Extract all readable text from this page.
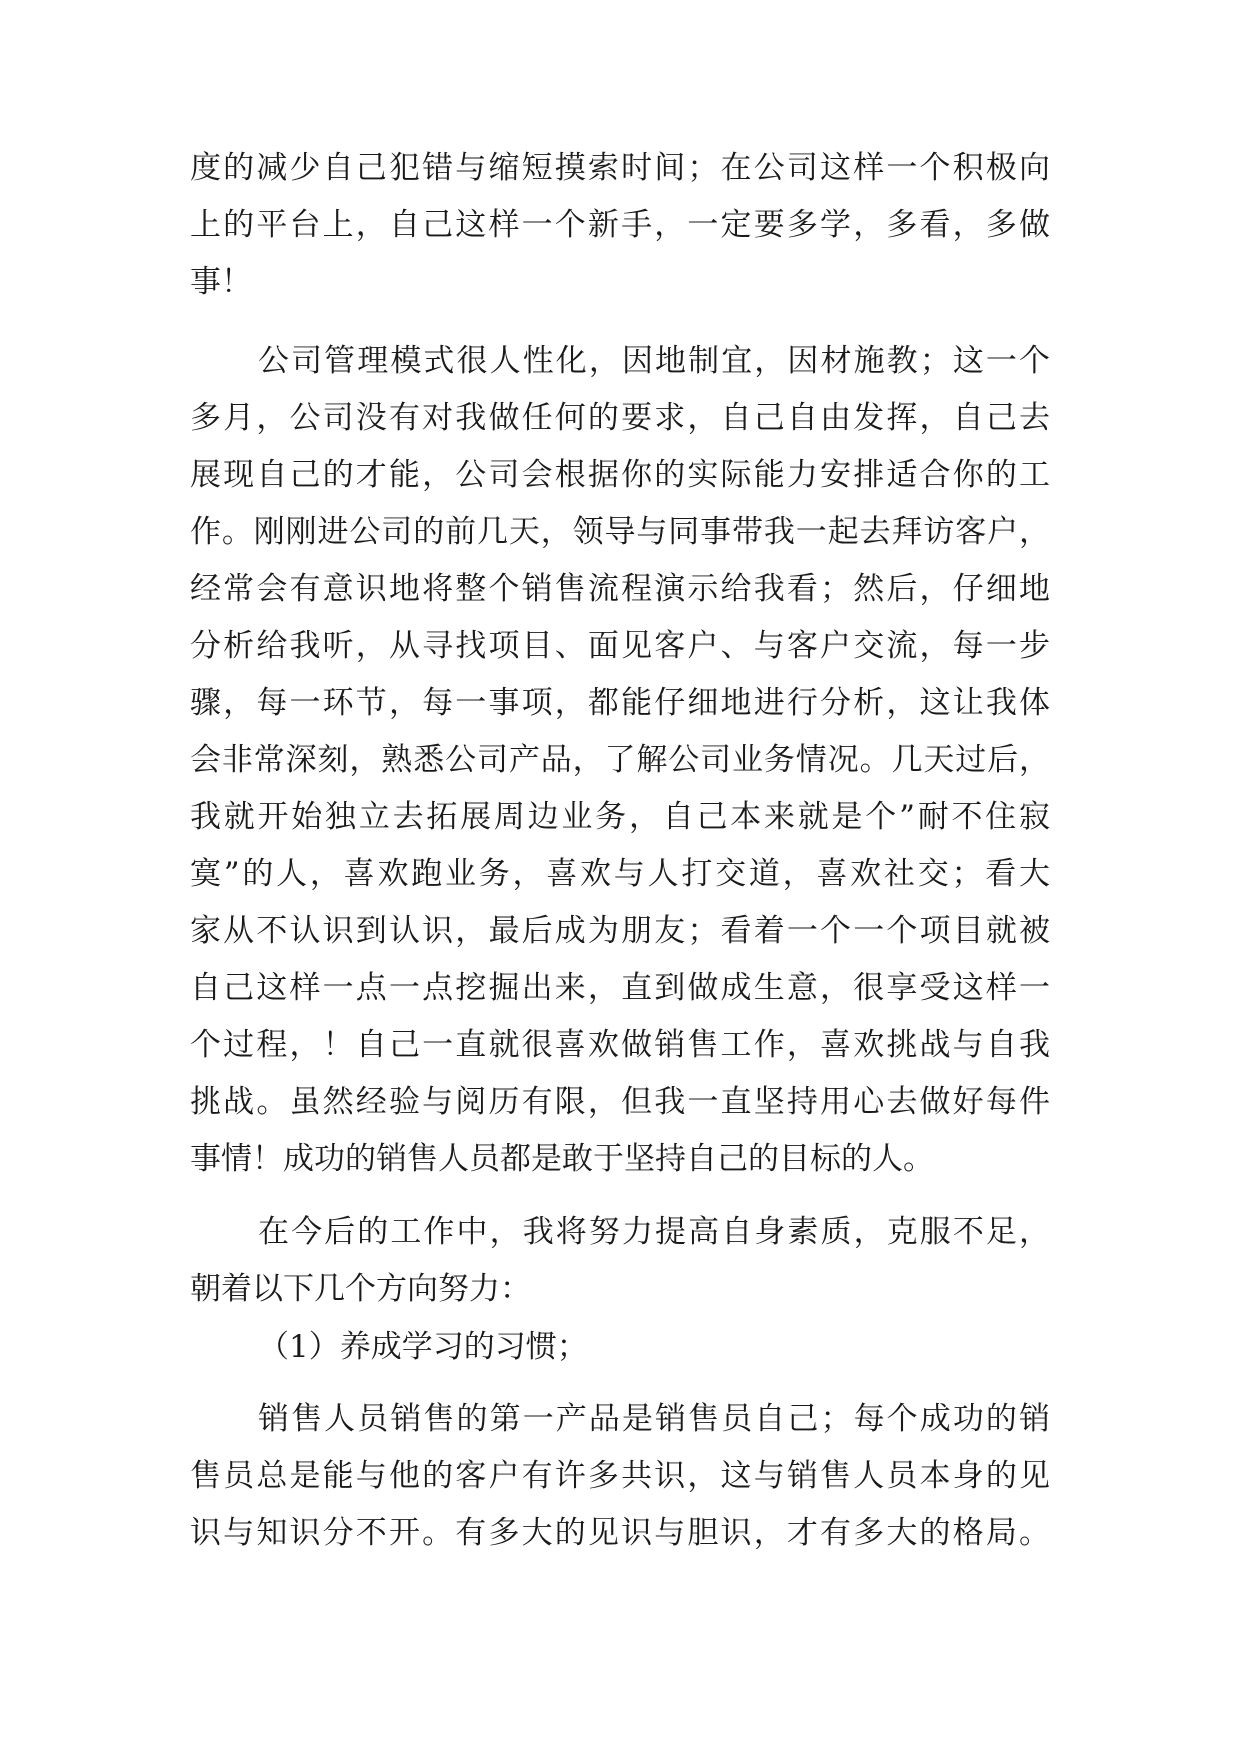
度的减少自己犯错与缩短摸索时间；在公司这样一个积极向
上的平台上，自己这样一个新手，一定要多学，多看，多做
事！
公司管理模式很人性化，因地制宜，因材施教；这一个
多月，公司没有对我做任何的要求，自己自由发挥，自己去
展现自己的才能，公司会根据你的实际能力安排适合你的工
作。刚刚进公司的前几天，领导与同事带我一起去拜访客户，
经常会有意识地将整个销售流程演示给我看；然后，仔细地
分析给我听，从寻找项目、面见客户、与客户交流，每一步
骤，每一环节，每一事项，都能仔细地进行分析，这让我体
会非常深刻，熟悉公司产品，了解公司业务情况。几天过后，
我就开始独立去拓展周边业务，自己本来就是个”耐不住寂
寞”的人，喜欢跑业务，喜欢与人打交道，喜欢社交；看大
家从不认识到认识，最后成为朋友；看着一个一个项目就被
自己这样一点一点挖掘出来，直到做成生意，很享受这样一
个过程，！自己一直就很喜欢做销售工作，喜欢挑战与自我
挑战。虽然经验与阅历有限，但我一直坚持用心去做好每件
事情！成功的销售人员都是敢于坚持自己的目标的人。
在今后的工作中，我将努力提高自身素质，克服不足，
朝着以下几个方向努力：
（1）养成学习的习惯；
销售人员销售的第一产品是销售员自己；每个成功的销
售员总是能与他的客户有许多共识，这与销售人员本身的见
识与知识分不开。有多大的见识与胆识，才有多大的格局。
